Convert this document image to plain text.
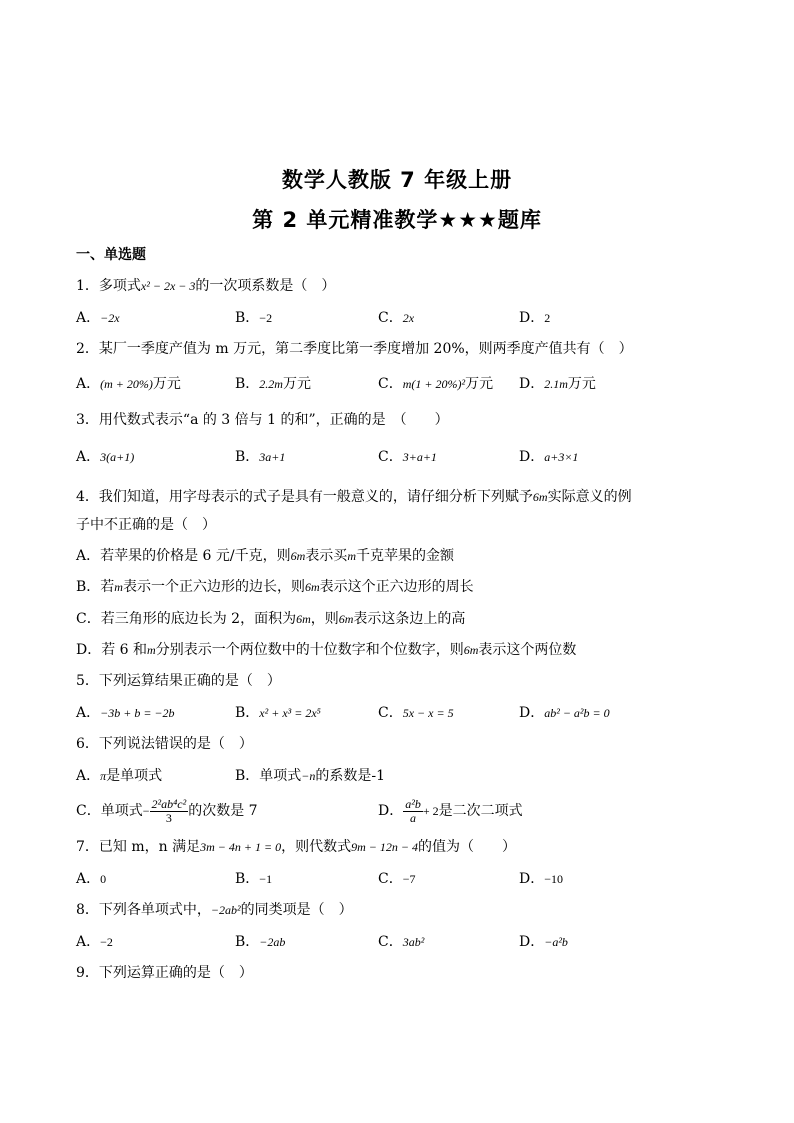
数学人教版 7 年级上册
第 2 单元精准教学★★★题库
一、单选题
1．多项式x² − 2x − 3的一次项系数是（　）
A．−2x	B．−2	C．2x	D．2
2．某厂一季度产值为 m 万元，第二季度比第一季度增加 20%，则两季度产值共有（　）
A．(m + 20%)万元	B．2.2m万元	C．m(1 + 20%)²万元 D．2.1m万元
3．用代数式表示“a 的 3 倍与 1 的和”，正确的是　（　　）
A．3(a+1)	B．3a+1	C．3+a+1	D．a+3×1
4．我们知道，用字母表示的式子是具有一般意义的，请仔细分析下列赋予6m实际意义的例
子中不正确的是（　）
A．若苹果的价格是 6 元/千克，则6m表示买m千克苹果的金额
B．若m表示一个正六边形的边长，则6m表示这个正六边形的周长
C．若三角形的底边长为 2，面积为6m，则6m表示这条边上的高
D．若 6 和m分别表示一个两位数中的十位数字和个位数字，则6m表示这个两位数
5．下列运算结果正确的是（　）
A．−3b + b = −2b	B．x² + x³ = 2x⁵	C．5x − x = 5	D．ab² − a²b = 0
6．下列说法错误的是（　）
A．π是单项式	B．单项式−n的系数是-1
C．单项式− $\frac{\text{2²ab⁴c²}}{3}$ 的次数是 7	D． $\frac{\text{a²b}}{a} + 2$是二次二项式
7．已知 m，n 满足3m − 4n + 1 = 0，则代数式9m − 12n − 4的值为（　　）
A．0	B．−1	C．−7	D．−10
8．下列各单项式中，−2ab²的同类项是（　）
A．−2	B．−2ab	C．3ab²	D．−a²b
9．下列运算正确的是（　）
